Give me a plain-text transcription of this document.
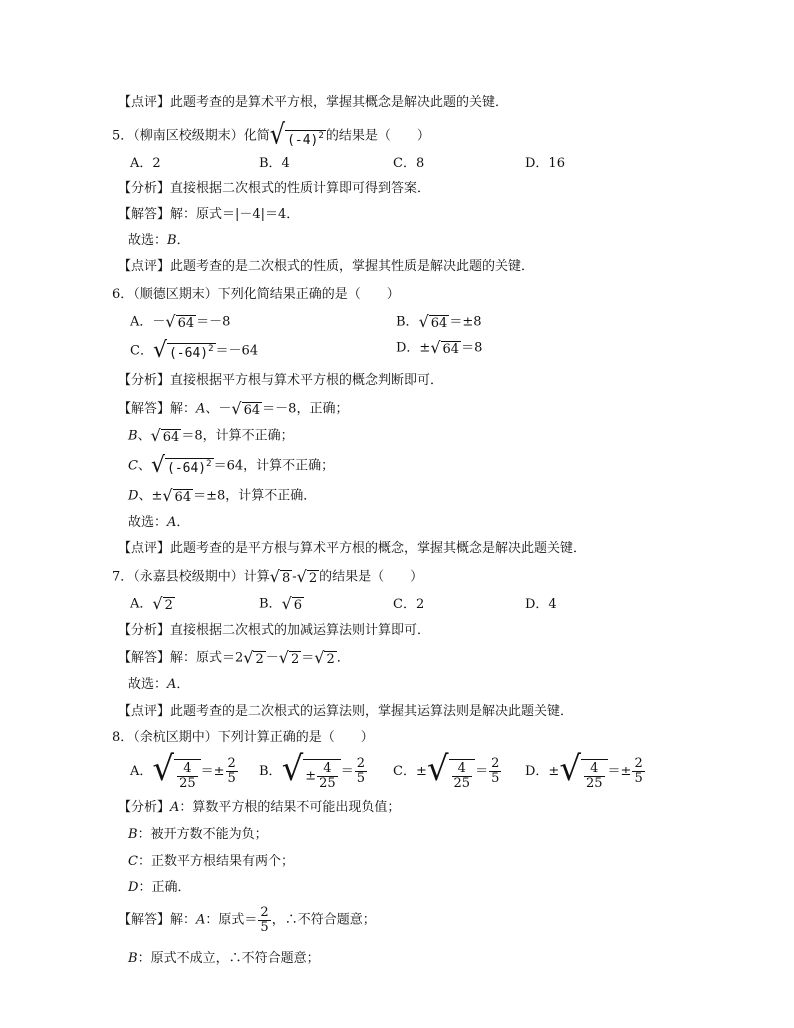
【点评】此题考查的是算术平方根，掌握其概念是解决此题的关键．
5．（柳南区校级期末）化简√ $(-4)^2$ 的结果是（　　）
A．2	B．4	C．8	D．16
【分析】直接根据二次根式的性质计算即可得到答案．
【解答】解：原式＝|－4|＝4．
故选：B．
【点评】此题考查的是二次根式的性质，掌握其性质是解决此题的关键．
6．（顺德区期末）下列化简结果正确的是（　　）
A．－√ 64 ＝－8	B．√ 64 ＝±8
C．√ $(-64)^2 =-64$	D．±√ 64 ＝8
【分析】直接根据平方根与算术平方根的概念判断即可．
【解答】解：A、－√ 64 ＝－8，正确；
B、√ 64 ＝8，计算不正确；
C、√ $(-64)^2 =64$，计算不正确；
D、±√ 64 ＝±8，计算不正确．
故选：A．
【点评】此题考查的是平方根与算术平方根的概念，掌握其概念是解决此题关键．
7．（永嘉县校级期中）计算√ 8 -√ 2 的结果是（　　）
A．√ 2	B．√ 6	C．2	D．4
【分析】直接根据二次根式的加减运算法则计算即可．
【解答】解：原式＝2√ 2 －√ 2 ＝√ 2 ．
故选：A．
【点评】此题考查的是二次根式的运算法则，掌握其运算法则是解决此题关键．
8．（余杭区期中）下列计算正确的是（　　）
A．√ $\frac{4}{25} =\pm \frac{2}{5}$ B．√ ± $\frac{4}{25} = \frac{2}{5}$ C．±√ $\frac{4}{25} = \frac{2}{5}$ D．±√ $\frac{4}{25} =\pm \frac{2}{5}$
【分析】A：算数平方根的结果不可能出现负值；
B：被开方数不能为负；
C：正数平方根结果有两个；
D：正确．
【解答】解：A：原式＝ $\frac{2}{5}$ ，∴不符合题意；
B：原式不成立，∴不符合题意；
